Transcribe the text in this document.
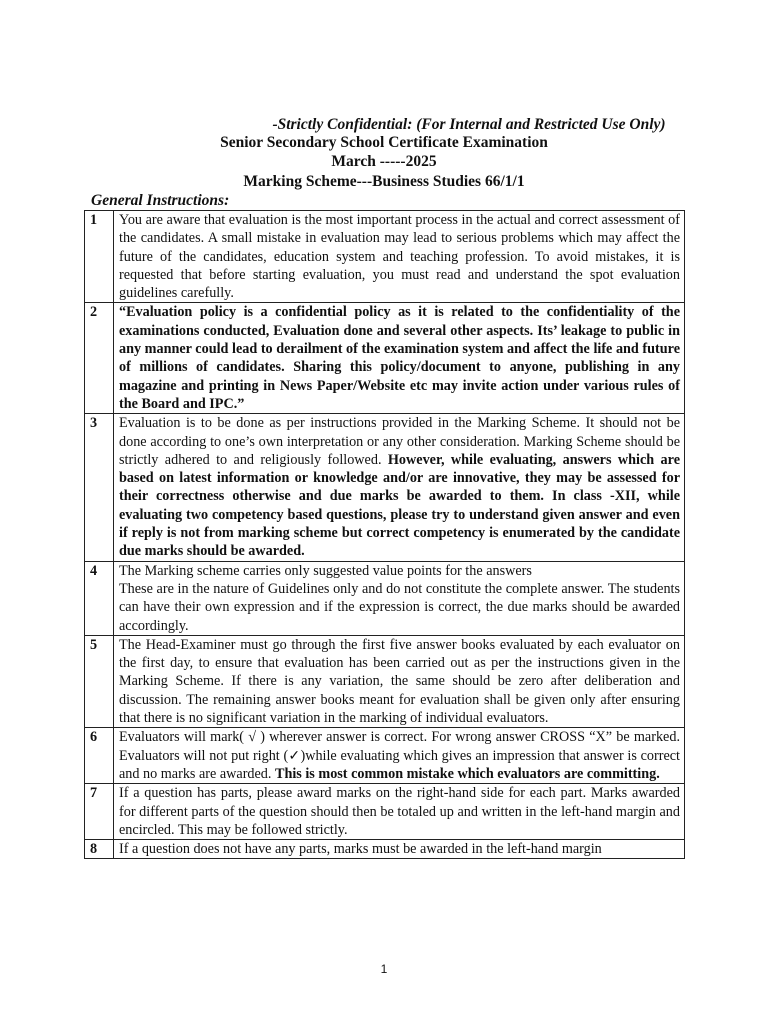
-Strictly Confidential: (For Internal and Restricted Use Only)

Senior Secondary School Certificate Examination

March -----2025

Marking Scheme---Business Studies 66/1/1

General Instructions:

1	You are aware that evaluation is the most important process in the actual and correct assessment of the candidates. A small mistake in evaluation may lead to serious problems which may affect the future of the candidates, education system and teaching profession. To avoid mistakes, it is requested that before starting evaluation, you must read and understand the spot evaluation guidelines carefully.
2	“Evaluation policy is a confidential policy as it is related to the confidentiality of the examinations conducted, Evaluation done and several other aspects. Its’ leakage to public in any manner could lead to derailment of the examination system and affect the life and future of millions of candidates. Sharing this policy/document to anyone, publishing in any magazine and printing in News Paper/Website etc may invite action under various rules of the Board and IPC.”
3	Evaluation is to be done as per instructions provided in the Marking Scheme. It should not be done according to one’s own interpretation or any other consideration. Marking Scheme should be strictly adhered to and religiously followed. However, while evaluating, answers which are based on latest information or knowledge and/or are innovative, they may be assessed for their correctness otherwise and due marks be awarded to them. In class -XII, while evaluating two competency based questions, please try to understand given answer and even if reply is not from marking scheme but correct competency is enumerated by the candidate due marks should be awarded.
4	The Marking scheme carries only suggested value points for the answers
These are in the nature of Guidelines only and do not constitute the complete answer. The students can have their own expression and if the expression is correct, the due marks should be awarded accordingly.

5	The Head-Examiner must go through the first five answer books evaluated by each evaluator on the first day, to ensure that evaluation has been carried out as per the instructions given in the Marking Scheme. If there is any variation, the same should be zero after deliberation and discussion. The remaining answer books meant for evaluation shall be given only after ensuring that there is no significant variation in the marking of individual evaluators.
6	Evaluators will mark( √ ) wherever answer is correct. For wrong answer CROSS “X” be marked. Evaluators will not put right (✓)while evaluating which gives an impression that answer is correct and no marks are awarded. This is most common mistake which evaluators are committing.
7	If a question has parts, please award marks on the right-hand side for each part. Marks awarded for different parts of the question should then be totaled up and written in the left-hand margin and encircled. This may be followed strictly.
8	If a question does not have any parts, marks must be awarded in the left-hand margin

1
